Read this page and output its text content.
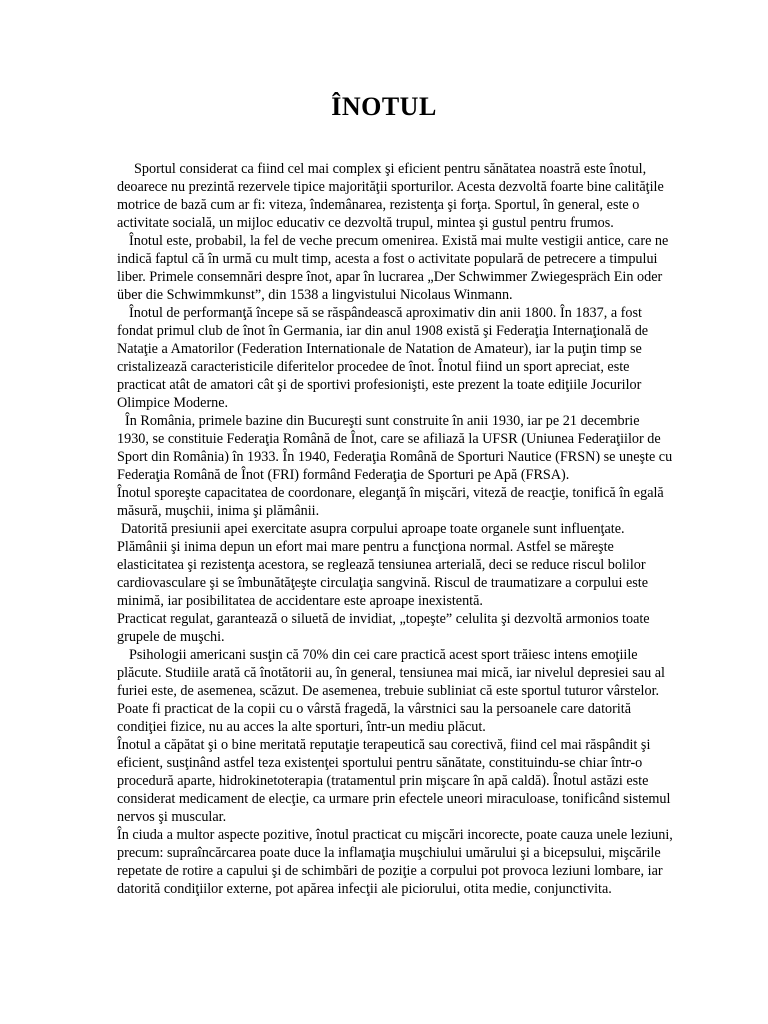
ÎNOTUL

Sportul considerat ca fiind cel mai complex şi eficient pentru sănătatea noastră este înotul, deoarece nu prezintă rezervele tipice majorităţii sporturilor. Acesta dezvoltă foarte bine calităţile motrice de bază cum ar fi: viteza, îndemânarea, rezistenţa şi forţa. Sportul, în general, este o activitate socială, un mijloc educativ ce dezvoltă trupul, mintea şi gustul pentru frumos.

Înotul este, probabil, la fel de veche precum omenirea. Există mai multe vestigii antice, care ne indică faptul că în urmă cu mult timp, acesta a fost o activitate populară de petrecere a timpului liber. Primele consemnări despre înot, apar în lucrarea „Der Schwimmer Zwiegespräch Ein oder über die Schwimmkunst”, din 1538 a lingvistului Nicolaus Winmann.

Înotul de performanţă începe să se răspândească aproximativ din anii 1800. În 1837, a fost fondat primul club de înot în Germania, iar din anul 1908 există şi Federaţia Internaţională de Nataţie a Amatorilor (Federation Internationale de Natation de Amateur), iar la puţin timp se cristalizează caracteristicile diferitelor procedee de înot. Înotul fiind un sport apreciat, este practicat atât de amatori cât şi de sportivi profesionişti, este prezent la toate ediţiile Jocurilor Olimpice Moderne.

În România, primele bazine din Bucureşti sunt construite în anii 1930, iar pe 21 decembrie 1930, se constituie Federaţia Română de Înot, care se afiliază la UFSR (Uniunea Federaţiilor de Sport din România) în 1933. În 1940, Federaţia Română de Sporturi Nautice (FRSN) se uneşte cu Federaţia Română de Înot (FRI) formând Federaţia de Sporturi pe Apă (FRSA).

Înotul sporeşte capacitatea de coordonare, eleganţă în mişcări, viteză de reacţie, tonifică în egală măsură, muşchii, inima şi plămânii.

Datorită presiunii apei exercitate asupra corpului aproape toate organele sunt influenţate. Plămânii şi inima depun un efort mai mare pentru a funcţiona normal. Astfel se măreşte elasticitatea şi rezistenţa acestora, se reglează tensiunea arterială, deci se reduce riscul bolilor cardiovasculare şi se îmbunătăţeşte circulaţia sangvină. Riscul de traumatizare a corpului este minimă, iar posibilitatea de accidentare este aproape inexistentă.

Practicat regulat, garantează o siluetă de invidiat, „topeşte” celulita şi dezvoltă armonios toate grupele de muşchi.

Psihologii americani susţin că 70% din cei care practică acest sport trăiesc intens emoţiile plăcute. Studiile arată că înotătorii au, în general, tensiunea mai mică, iar nivelul depresiei sau al furiei este, de asemenea, scăzut. De asemenea, trebuie subliniat că este sportul tuturor vârstelor. Poate fi practicat de la copii cu o vârstă fragedă, la vârstnici sau la persoanele care datorită condiţiei fizice, nu au acces la alte sporturi, într-un mediu plăcut.

Înotul a căpătat şi o bine meritată reputaţie terapeutică sau corectivă, fiind cel mai răspândit şi eficient, susţinând astfel teza existenţei sportului pentru sănătate, constituindu-se chiar într-o procedură aparte, hidrokinetoterapia (tratamentul prin mişcare în apă caldă). Înotul astăzi este considerat medicament de elecţie, ca urmare prin efectele uneori miraculoase, tonificând sistemul nervos şi muscular.

În ciuda a multor aspecte pozitive, înotul practicat cu mişcări incorecte, poate cauza unele leziuni, precum: supraîncărcarea poate duce la inflamaţia muşchiului umărului şi a bicepsului, mişcările repetate de rotire a capului şi de schimbări de poziţie a corpului pot provoca leziuni lombare, iar datorită condiţiilor externe, pot apărea infecţii ale piciorului, otita medie, conjunctivita.
